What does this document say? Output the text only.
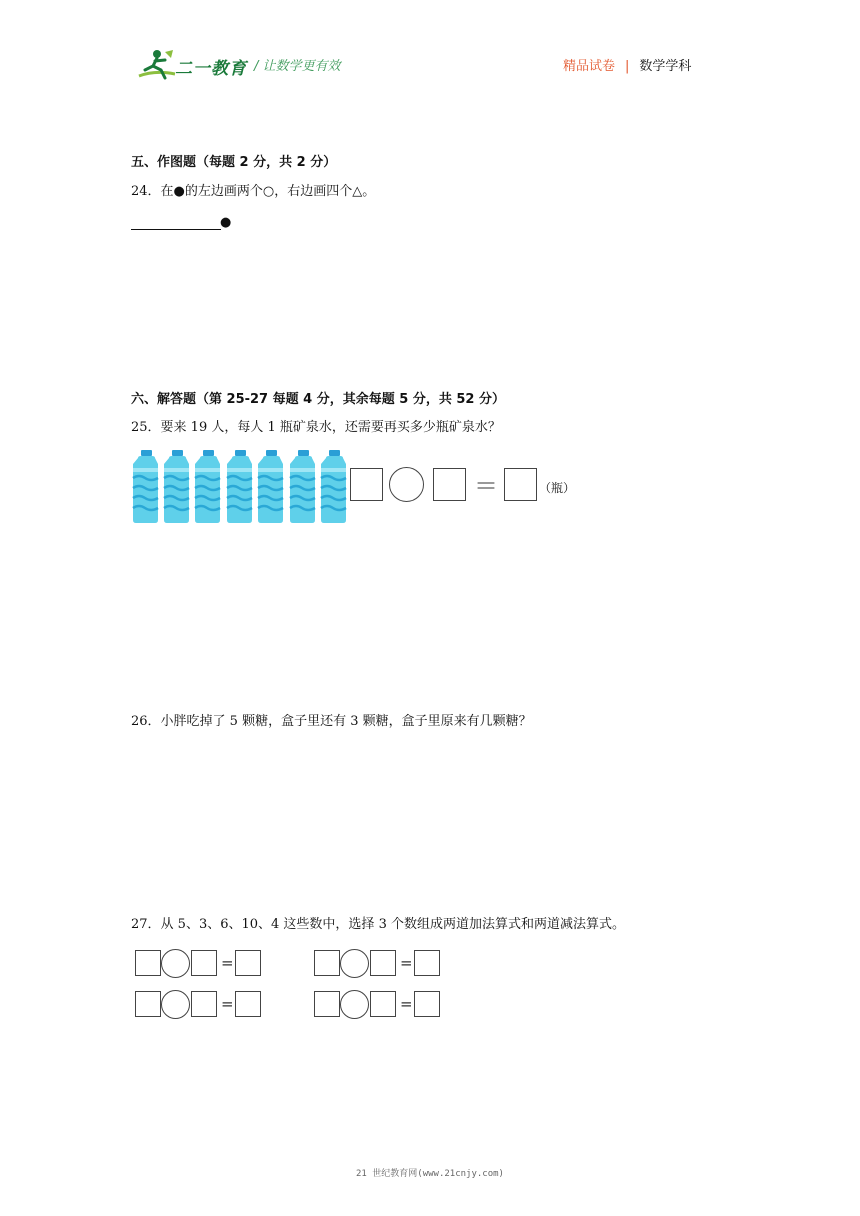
二一教育 / 让数学更有效	精品试卷 | 数学学科
五、作图题（每题 2 分，共 2 分）
24．在●的左边画两个○，右边画四个△。
●
六、解答题（第 25-27 每题 4 分，其余每题 5 分，共 52 分）
25．要来 19 人，每人 1 瓶矿泉水，还需要再买多少瓶矿泉水？
＝	（瓶）
26．小胖吃掉了 5 颗糖，盒子里还有 3 颗糖，盒子里原来有几颗糖？
27．从 5、3、6、10、4 这些数中，选择 3 个数组成两道加法算式和两道减法算式。
=	=
=	=
21 世纪教育网(www.21cnjy.com)
